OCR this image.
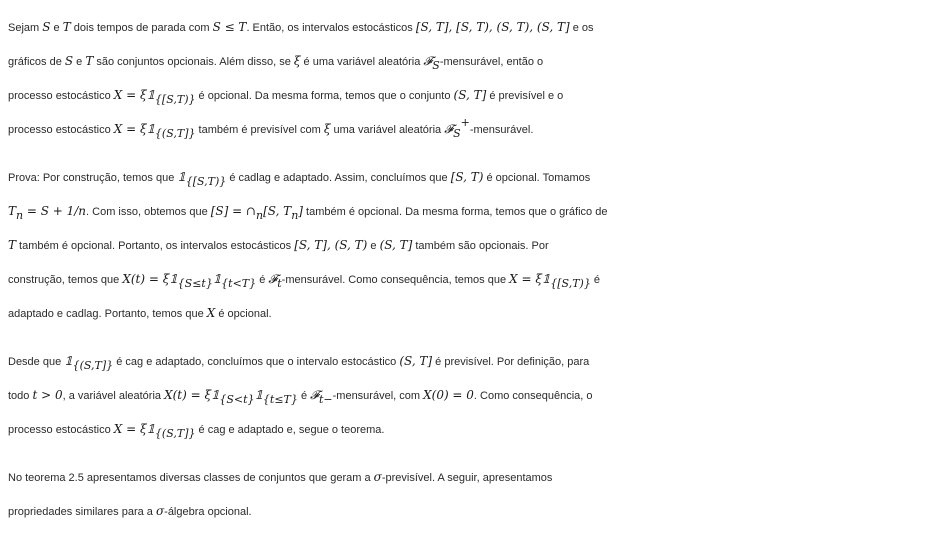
Sejam S e T dois tempos de parada com S ≤ T. Então, os intervalos estocásticos [S, T], [S, T), (S, T), (S, T] e os
gráficos de S e T são conjuntos opcionais. Além disso, se ξ é uma variável aleatória 𝓕$_S$-mensurável, então o
processo estocástico $X = \xi 𝟙_{\{[S,T)\}}$ é opcional. Da mesma forma, temos que o conjunto (S, T] é previsível e o
processo estocástico $X = \xi 𝟙_{\{(S,T]\}}$ também é previsível com ξ uma variável aleatória 𝓕$_S$+-mensurável.
Prova: Por construção, temos que $𝟙_{\{[S,T)\}}$ é cadlag e adaptado. Assim, concluímos que [S, T) é opcional. Tomamos
$T_n = S + 1/n$. Com isso, obtemos que $[S] = \cap_n[S$, $T_n$] também é opcional. Da mesma forma, temos que o gráfico de
T também é opcional. Portanto, os intervalos estocásticos [S, T], (S, T) e (S, T] também são opcionais. Por
construção, temos que $X(t) = \xi 𝟙_{\{S\le t\}}𝟙_{\{t<T\}}$ é 𝓕$_t$-mensurável. Como consequência, temos que $X = \xi 𝟙_{\{[S,T)\}}$ é
adaptado e cadlag. Portanto, temos que X é opcional.
Desde que $𝟙_{\{(S,T]\}}$ é cag e adaptado, concluímos que o intervalo estocástico (S, T] é previsível. Por definição, para
todo t > 0, a variável aleatória $X(t) = \xi 𝟙_{\{S<t\}}𝟙_{\{t\le T\}}$ é 𝓕$_{t-}$-mensurável, com X(0) = 0. Como consequência, o
processo estocástico $X = \xi 𝟙_{\{(S,T]\}}$ é cag e adaptado e, segue o teorema.
No teorema 2.5 apresentamos diversas classes de conjuntos que geram a σ-previsível. A seguir, apresentamos
propriedades similares para a σ-álgebra opcional.
